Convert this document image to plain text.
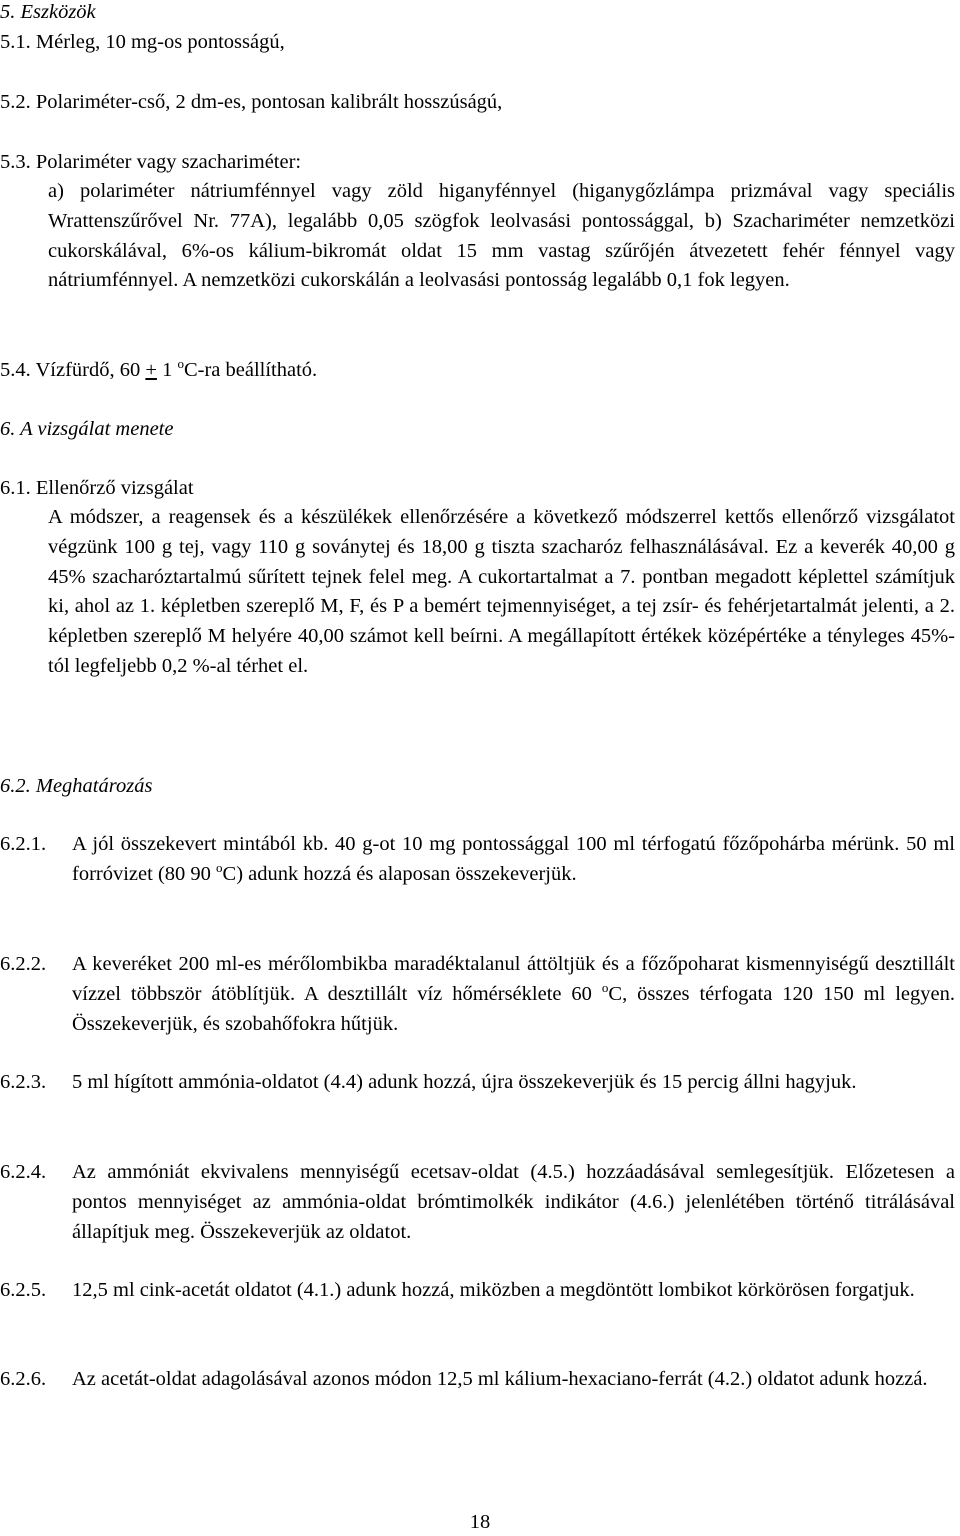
5. Eszközök
5.1. Mérleg, 10 mg-os pontosságú,
5.2. Polariméter-cső, 2 dm-es, pontosan kalibrált hosszúságú,
5.3. Polariméter vagy szachariméter:
a) polariméter nátriumfénnyel vagy zöld higanyfénnyel (higanygőzlámpa prizmával vagy speciális Wrattenszűrővel Nr. 77A), legalább 0,05 szögfok leolvasási pontossággal, b) Szachariméter nemzetközi cukorskálával, 6%-os kálium-bikromát oldat 15 mm vastag szűrőjén átvezetett fehér fénnyel vagy nátriumfénnyel. A nemzetközi cukorskálán a leolvasási pontosság legalább 0,1 fok legyen.
5.4. Vízfürdő, 60 + 1 $^o$C-ra beállítható.
6. A vizsgálat menete
6.1. Ellenőrző vizsgálat
A módszer, a reagensek és a készülékek ellenőrzésére a következő módszerrel kettős ellenőrző vizsgálatot végzünk 100 g tej, vagy 110 g soványtej és 18,00 g tiszta szacharóz felhasználásával. Ez a keverék 40,00 g 45% szacharóztartalmú sűrített tejnek felel meg. A cukortartalmat a 7. pontban megadott képlettel számítjuk ki, ahol az 1. képletben szereplő M, F, és P a bemért tejmennyiséget, a tej zsír- és fehérjetartalmát jelenti, a 2. képletben szereplő M helyére 40,00 számot kell beírni. A megállapított értékek középértéke a tényleges 45%-tól legfeljebb 0,2 %-al térhet el.
6.2. Meghatározás
6.2.1. A jól összekevert mintából kb. 40 g-ot 10 mg pontossággal 100 ml térfogatú főzőpohárba mérünk. 50 ml forróvizet (80 90 $^o$C) adunk hozzá és alaposan összekeverjük.
6.2.2. A keveréket 200 ml-es mérőlombikba maradéktalanul áttöltjük és a főzőpoharat kismennyiségű desztillált vízzel többször átöblítjük. A desztillált víz hőmérséklete 60 $^o$C, összes térfogata 120 150 ml legyen. Összekeverjük, és szobahőfokra hűtjük.
6.2.3. 5 ml hígított ammónia-oldatot (4.4) adunk hozzá, újra összekeverjük és 15 percig állni hagyjuk.
6.2.4. Az ammóniát ekvivalens mennyiségű ecetsav-oldat (4.5.) hozzáadásával semlegesítjük. Előzetesen a pontos mennyiséget az ammónia-oldat brómtimolkék indikátor (4.6.) jelenlétében történő titrálásával állapítjuk meg. Összekeverjük az oldatot.
6.2.5. 12,5 ml cink-acetát oldatot (4.1.) adunk hozzá, miközben a megdöntött lombikot körkörösen forgatjuk.
6.2.6. Az acetát-oldat adagolásával azonos módon 12,5 ml kálium-hexaciano-ferrát (4.2.) oldatot adunk hozzá.
18
